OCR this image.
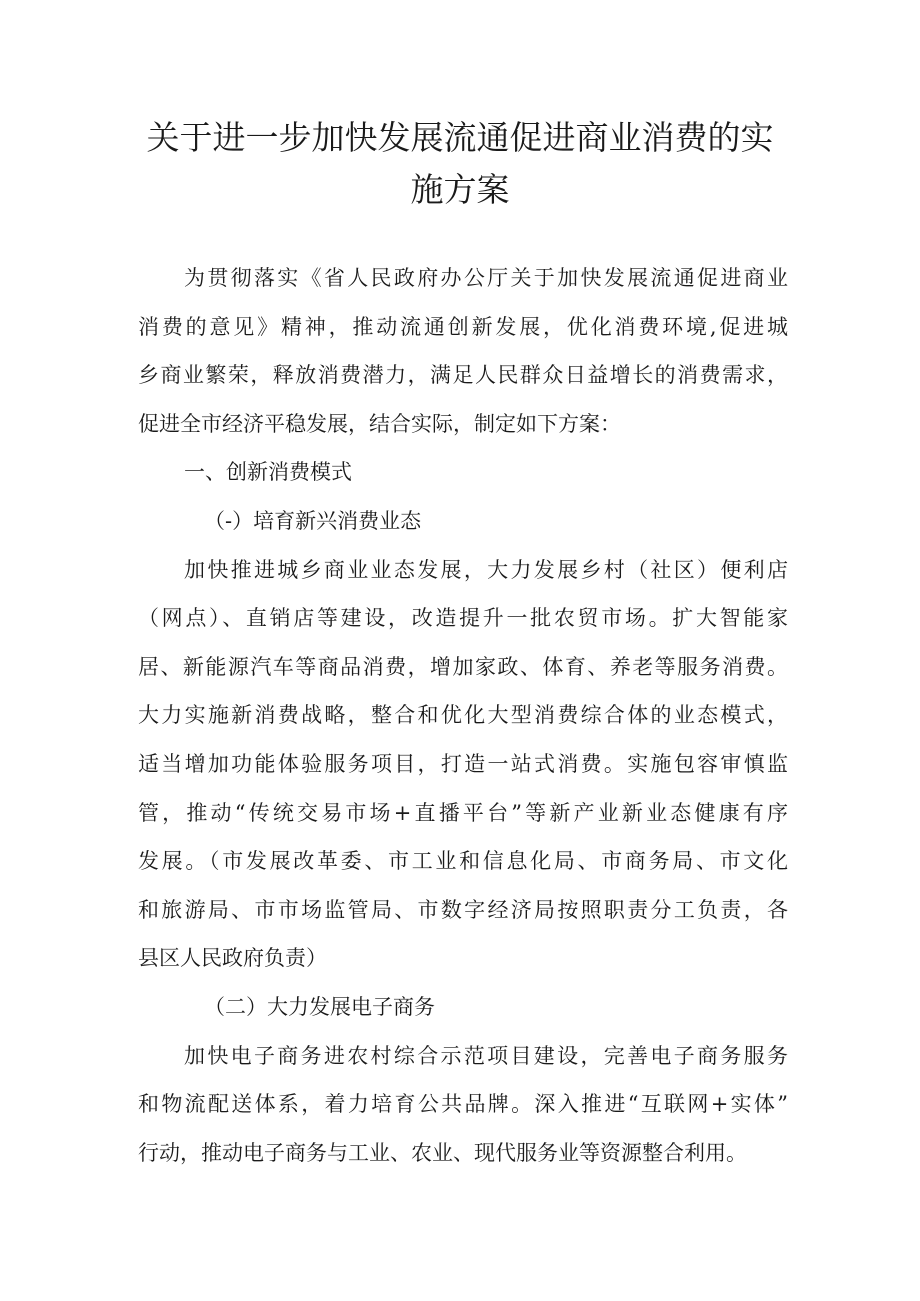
关于进一步加快发展流通促进商业消费的实
施方案

为贯彻落实《省人民政府办公厅关于加快发展流通促进商业
消费的意见》精神，推动流通创新发展，优化消费环境,促进城
乡商业繁荣，释放消费潜力，满足人民群众日益增长的消费需求，
促进全市经济平稳发展，结合实际，制定如下方案：

一、创新消费模式

（-）培育新兴消费业态

加快推进城乡商业业态发展，大力发展乡村（社区）便利店
（网点）、直销店等建设，改造提升一批农贸市场。扩大智能家
居、新能源汽车等商品消费，增加家政、体育、养老等服务消费。
大力实施新消费战略，整合和优化大型消费综合体的业态模式，
适当增加功能体验服务项目，打造一站式消费。实施包容审慎监
管，推动“传统交易市场+直播平台”等新产业新业态健康有序
发展。（市发展改革委、市工业和信息化局、市商务局、市文化
和旅游局、市市场监管局、市数字经济局按照职责分工负责，各
县区人民政府负责）

（二）大力发展电子商务

加快电子商务进农村综合示范项目建设，完善电子商务服务
和物流配送体系，着力培育公共品牌。深入推进“互联网+实体”
行动，推动电子商务与工业、农业、现代服务业等资源整合利用。
